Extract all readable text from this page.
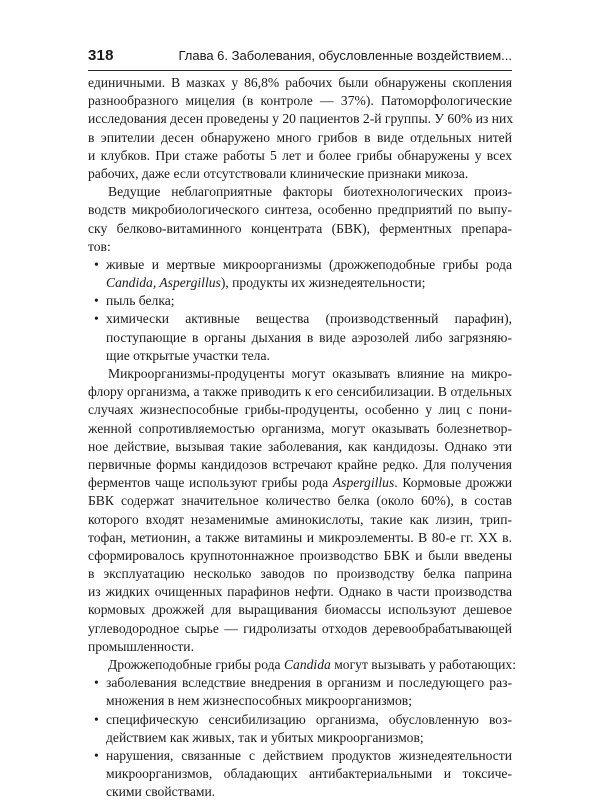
318	Глава 6. Заболевания, обусловленные воздействием...
единичными. В мазках у 86,8% рабочих были обнаружены скопления
разнообразного мицелия (в контроле — 37%). Патоморфологические
исследования десен проведены у 20 пациентов 2-й группы. У 60% из них
в эпителии десен обнаружено много грибов в виде отдельных нитей
и клубков. При стаже работы 5 лет и более грибы обнаружены у всех
рабочих, даже если отсутствовали клинические признаки микоза.
Ведущие неблагоприятные факторы биотехнологических произ-
водств микробиологического синтеза, особенно предприятий по выпу-
ску белково-витаминного концентрата (БВК), ферментных препара-
тов:
• живые и мертвые микроорганизмы (дрожжеподобные грибы рода
Candida, Aspergillus), продукты их жизнедеятельности;
• пыль белка;
• химически активные вещества (производственный парафин),
поступающие в органы дыхания в виде аэрозолей либо загрязняю-
щие открытые участки тела.
Микроорганизмы-продуценты могут оказывать влияние на микро-
флору организма, а также приводить к его сенсибилизации. В отдельных
случаях жизнеспособные грибы-продуценты, особенно у лиц с пони-
женной сопротивляемостью организма, могут оказывать болезнетвор-
ное действие, вызывая такие заболевания, как кандидозы. Однако эти
первичные формы кандидозов встречают крайне редко. Для получения
ферментов чаще используют грибы рода Aspergillus. Кормовые дрожжи
БВК содержат значительное количество белка (около 60%), в состав
которого входят незаменимые аминокислоты, такие как лизин, трип-
тофан, метионин, а также витамины и микроэлементы. В 80-е гг. XX в.
сформировалось крупнотоннажное производство БВК и были введены
в эксплуатацию несколько заводов по производству белка паприна
из жидких очищенных парафинов нефти. Однако в части производства
кормовых дрожжей для выращивания биомассы используют дешевое
углеводородное сырье — гидролизаты отходов деревообрабатывающей
промышленности.
Дрожжеподобные грибы рода Candida могут вызывать у работающих:
• заболевания вследствие внедрения в организм и последующего раз-
множения в нем жизнеспособных микроорганизмов;
• специфическую сенсибилизацию организма, обусловленную воз-
действием как живых, так и убитых микроорганизмов;
• нарушения, связанные с действием продуктов жизнедеятельности
микроорганизмов, обладающих антибактериальными и токсиче-
скими свойствами.
